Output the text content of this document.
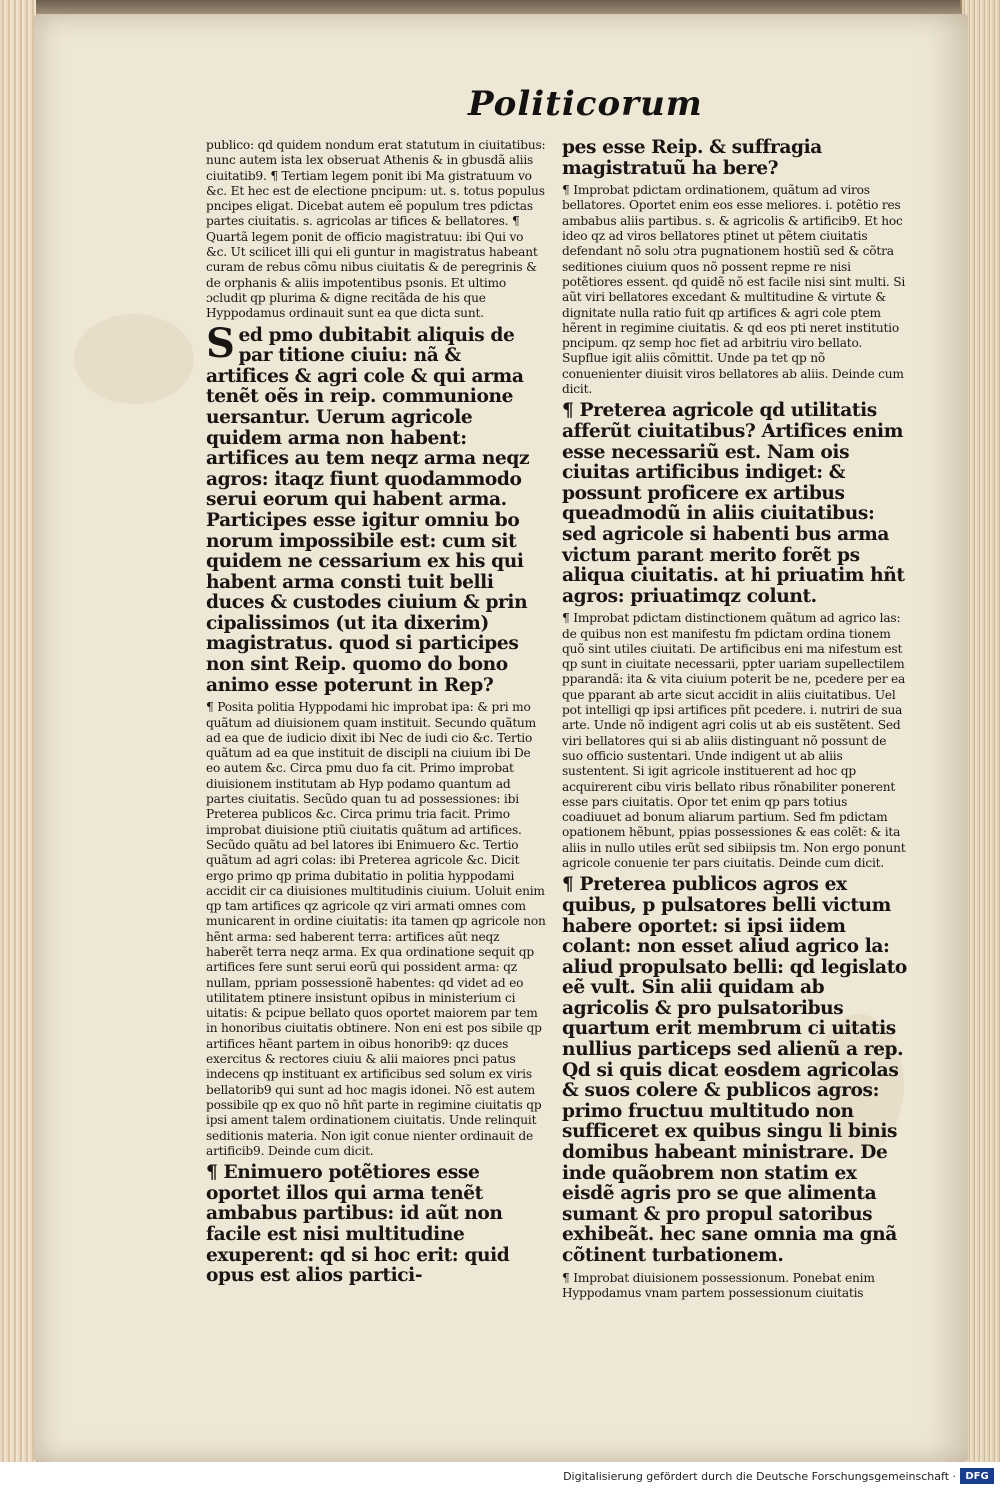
Politicorum

publico: qd quidem nondum erat statutum in ciuitatibus: nunc autem ista lex obseruat Athenis & in gbusdã aliis ciuitatib9. ¶ Tertiam legem ponit ibi Ma gistratuum vo &c. Et hec est de electione pncipum: ut. s. totus populus pncipes eligat. Dicebat autem eẽ populum tres pdictas partes ciuitatis. s. agricolas ar tifices & bellatores. ¶ Quartã legem ponit de officio magistratuu: ibi Qui vo &c. Ut scilicet illi qui eli guntur in magistratus habeant curam de rebus cõmu nibus ciuitatis & de peregrinis & de orphanis & aliis impotentibus psonis. Et ultimo ɔcludit qp plurima & digne recitãda de his que Hyppodamus ordinauit sunt ea que dicta sunt.

Sed pmo dubitabit aliquis de par titione ciuiu: nã & artifices & agri cole & qui arma tenẽt oẽs in reip. communione uersantur. Uerum agricole quidem arma non habent: artifices au tem neqz arma neqz agros: itaqz fiunt quodammodo serui eorum qui habent arma. Participes esse igitur omniu bo norum impossibile est: cum sit quidem ne cessarium ex his qui habent arma consti tuit belli duces & custodes ciuium & prin cipalissimos (ut ita dixerim) magistratus. quod si participes non sint Reip. quomo do bono animo esse poterunt in Rep?

¶ Posita politia Hyppodami hic improbat ipa: & pri mo quãtum ad diuisionem quam instituit. Secundo quãtum ad ea que de iudicio dixit ibi Nec de iudi cio &c. Tertio quãtum ad ea que instituit de discipli na ciuium ibi De eo autem &c. Circa pmu duo fa cit. Primo improbat diuisionem institutam ab Hyp podamo quantum ad partes ciuitatis. Secũdo quan tu ad possessiones: ibi Preterea publicos &c. Circa primu tria facit. Primo improbat diuisione ptiũ ciuitatis quãtum ad artifices. Secũdo quãtu ad bel latores ibi Enimuero &c. Tertio quãtum ad agri colas: ibi Preterea agricole &c. Dicit ergo primo qp prima dubitatio in politia hyppodami accidit cir ca diuisiones multitudinis ciuium. Uoluit enim qp tam artifices qz agricole qz viri armati omnes com municarent in ordine ciuitatis: ita tamen qp agricole non hẽnt arma: sed haberent terra: artifices aũt neqz haberẽt terra neqz arma. Ex qua ordinatione sequit qp artifices fere sunt serui eorũ qui possident arma: qz nullam, ppriam possessionẽ habentes: qd videt ad eo utilitatem ptinere insistunt opibus in ministerium ci uitatis: & pcipue bellato quos oportet maiorem par tem in honoribus ciuitatis obtinere. Non eni est pos sibile qp artifices hẽant partem in oibus honorib9: qz duces exercitus & rectores ciuiu & alii maiores pnci patus indecens qp instituant ex artificibus sed solum ex viris bellatorib9 qui sunt ad hoc magis idonei. Nõ est autem possibile qp ex quo nõ hñt parte in regimine ciuitatis qp ipsi ament talem ordinationem ciuitatis. Unde relinquit seditionis materia. Non igit conue nienter ordinauit de artificib9. Deinde cum dicit.

¶ Enimuero potẽtiores esse oportet illos qui arma tenẽt ambabus partibus: id aũt non facile est nisi multitudine exuperent: qd si hoc erit: quid opus est alios partici-

pes esse Reip. & suffragia magistratuũ ha bere?

¶ Improbat pdictam ordinationem, quãtum ad viros bellatores. Oportet enim eos esse meliores. i. potẽtio res ambabus aliis partibus. s. & agricolis & artificib9. Et hoc ideo qz ad viros bellatores ptinet ut pẽtem ciuitatis defendant nõ solu ɔtra pugnationem hostiũ sed & cõtra seditiones ciuium quos nõ possent repme re nisi potẽtiores essent. qd quidẽ nõ est facile nisi sint multi. Si aũt viri bellatores excedant & multitudine & virtute & dignitate nulla ratio fuit qp artifices & agri cole ptem hẽrent in regimine ciuitatis. & qd eos pti neret institutio pncipum. qz semp hoc fiet ad arbitriu viro bellato. Supflue igit aliis cõmittit. Unde pa tet qp nõ conuenienter diuisit viros bellatores ab aliis. Deinde cum dicit.

¶ Preterea agricole qd utilitatis afferũt ciuitatibus? Artifices enim esse necessariũ est. Nam ois ciuitas artificibus indiget: & possunt proficere ex artibus queadmodũ in aliis ciuitatibus: sed agricole si habenti bus arma victum parant merito forẽt ps aliqua ciuitatis. at hi priuatim hñt agros: priuatimqz colunt.

¶ Improbat pdictam distinctionem quãtum ad agrico las: de quibus non est manifestu fm pdictam ordina tionem quõ sint utiles ciuitati. De artificibus eni ma nifestum est qp sunt in ciuitate necessarii, ppter uariam supellectilem pparandã: ita & vita ciuium poterit be ne, pcedere per ea que pparant ab arte sicut accidit in aliis ciuitatibus. Uel pot intelligi qp ipsi artifices pñt pcedere. i. nutriri de sua arte. Unde nõ indigent agri colis ut ab eis sustẽtent. Sed viri bellatores qui si ab aliis distinguant nõ possunt de suo officio sustentari. Unde indigent ut ab aliis sustentent. Si igit agricole instituerent ad hoc qp acquirerent cibu viris bellato ribus rõnabiliter ponerent esse pars ciuitatis. Opor tet enim qp pars totius coadiuuet ad bonum aliarum partium. Sed fm pdictam opationem hẽbunt, ppias possessiones & eas colẽt: & ita aliis in nullo utiles erũt sed sibiipsis tm. Non ergo ponunt agricole conuenie ter pars ciuitatis. Deinde cum dicit.

¶ Preterea publicos agros ex quibus, p pulsatores belli victum habere oportet: si ipsi iidem colant: non esset aliud agrico la: aliud propulsato belli: qd legislato eẽ vult. Sin alii quidam ab agricolis & pro pulsatoribus quartum erit membrum ci uitatis nullius particeps sed alienũ a rep. Qd si quis dicat eosdem agricolas & suos colere & publicos agros: primo fructuu multitudo non sufficeret ex quibus singu li binis domibus habeant ministrare. De inde quãobrem non statim ex eisdẽ agris pro se que alimenta sumant & pro propul satoribus exhibeãt. hec sane omnia ma gnã cõtinent turbationem.

¶ Improbat diuisionem possessionum. Ponebat enim Hyppodamus vnam partem possessionum ciuitatis

Digitalisierung gefördert durch die Deutsche Forschungsgemeinschaft · DFG
